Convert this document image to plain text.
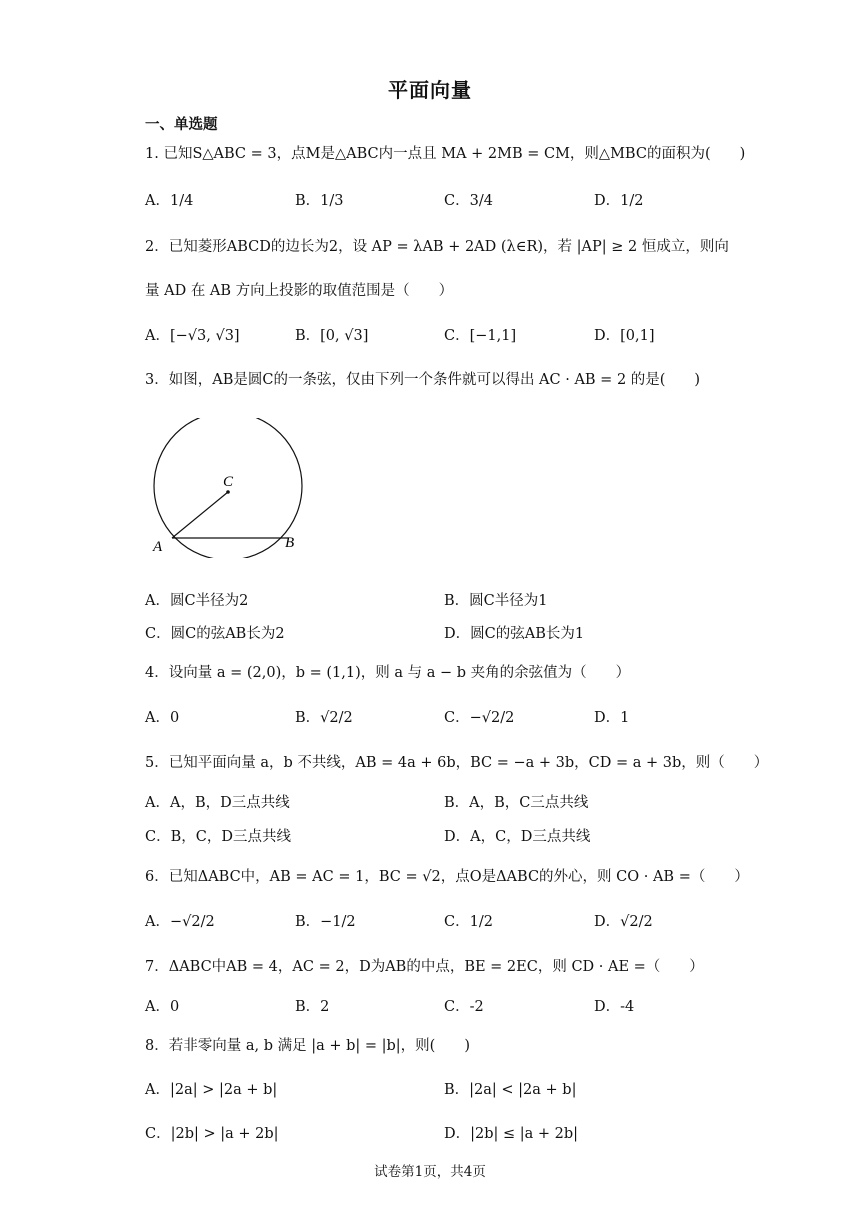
平面向量
一、单选题
1. 已知S△ABC = 3，点M是△ABC内一点且 MA + 2MB = CM，则△MBC的面积为(　　)
A．1/4	B．1/3	C．3/4	D．1/2
2．已知菱形ABCD的边长为2，设 AP = λAB + 2AD (λ∈R)，若 |AP| ≥ 2 恒成立，则向
量 AD 在 AB 方向上投影的取值范围是（　　）
A．[−√3, √3]	B．[0, √3]	C．[−1,1]	D．[0,1]
3．如图，AB是圆C的一条弦，仅由下列一个条件就可以得出 AC · AB = 2 的是(　　)
C
A	B
A．圆C半径为2	B．圆C半径为1
C．圆C的弦AB长为2	D．圆C的弦AB长为1
4．设向量 a = (2,0)，b = (1,1)，则 a 与 a − b 夹角的余弦值为（　　）
A．0	B．√2/2	C．−√2/2	D．1
5．已知平面向量 a，b 不共线，AB = 4a + 6b，BC = −a + 3b，CD = a + 3b，则（　　）
A．A，B，D三点共线	B．A，B，C三点共线
C．B，C，D三点共线	D．A，C，D三点共线
6．已知ΔABC中，AB = AC = 1，BC = √2，点O是ΔABC的外心，则 CO · AB =（　　）
A．−√2/2	B．−1/2	C．1/2	D．√2/2
7．ΔABC中AB = 4，AC = 2，D为AB的中点，BE = 2EC，则 CD · AE =（　　）
A．0	B．2	C．-2	D．-4
8．若非零向量 a, b 满足 |a + b| = |b|，则(　　)
A．|2a| > |2a + b|	B．|2a| < |2a + b|
C．|2b| > |a + 2b|	D．|2b| ≤ |a + 2b|
试卷第1页，共4页
